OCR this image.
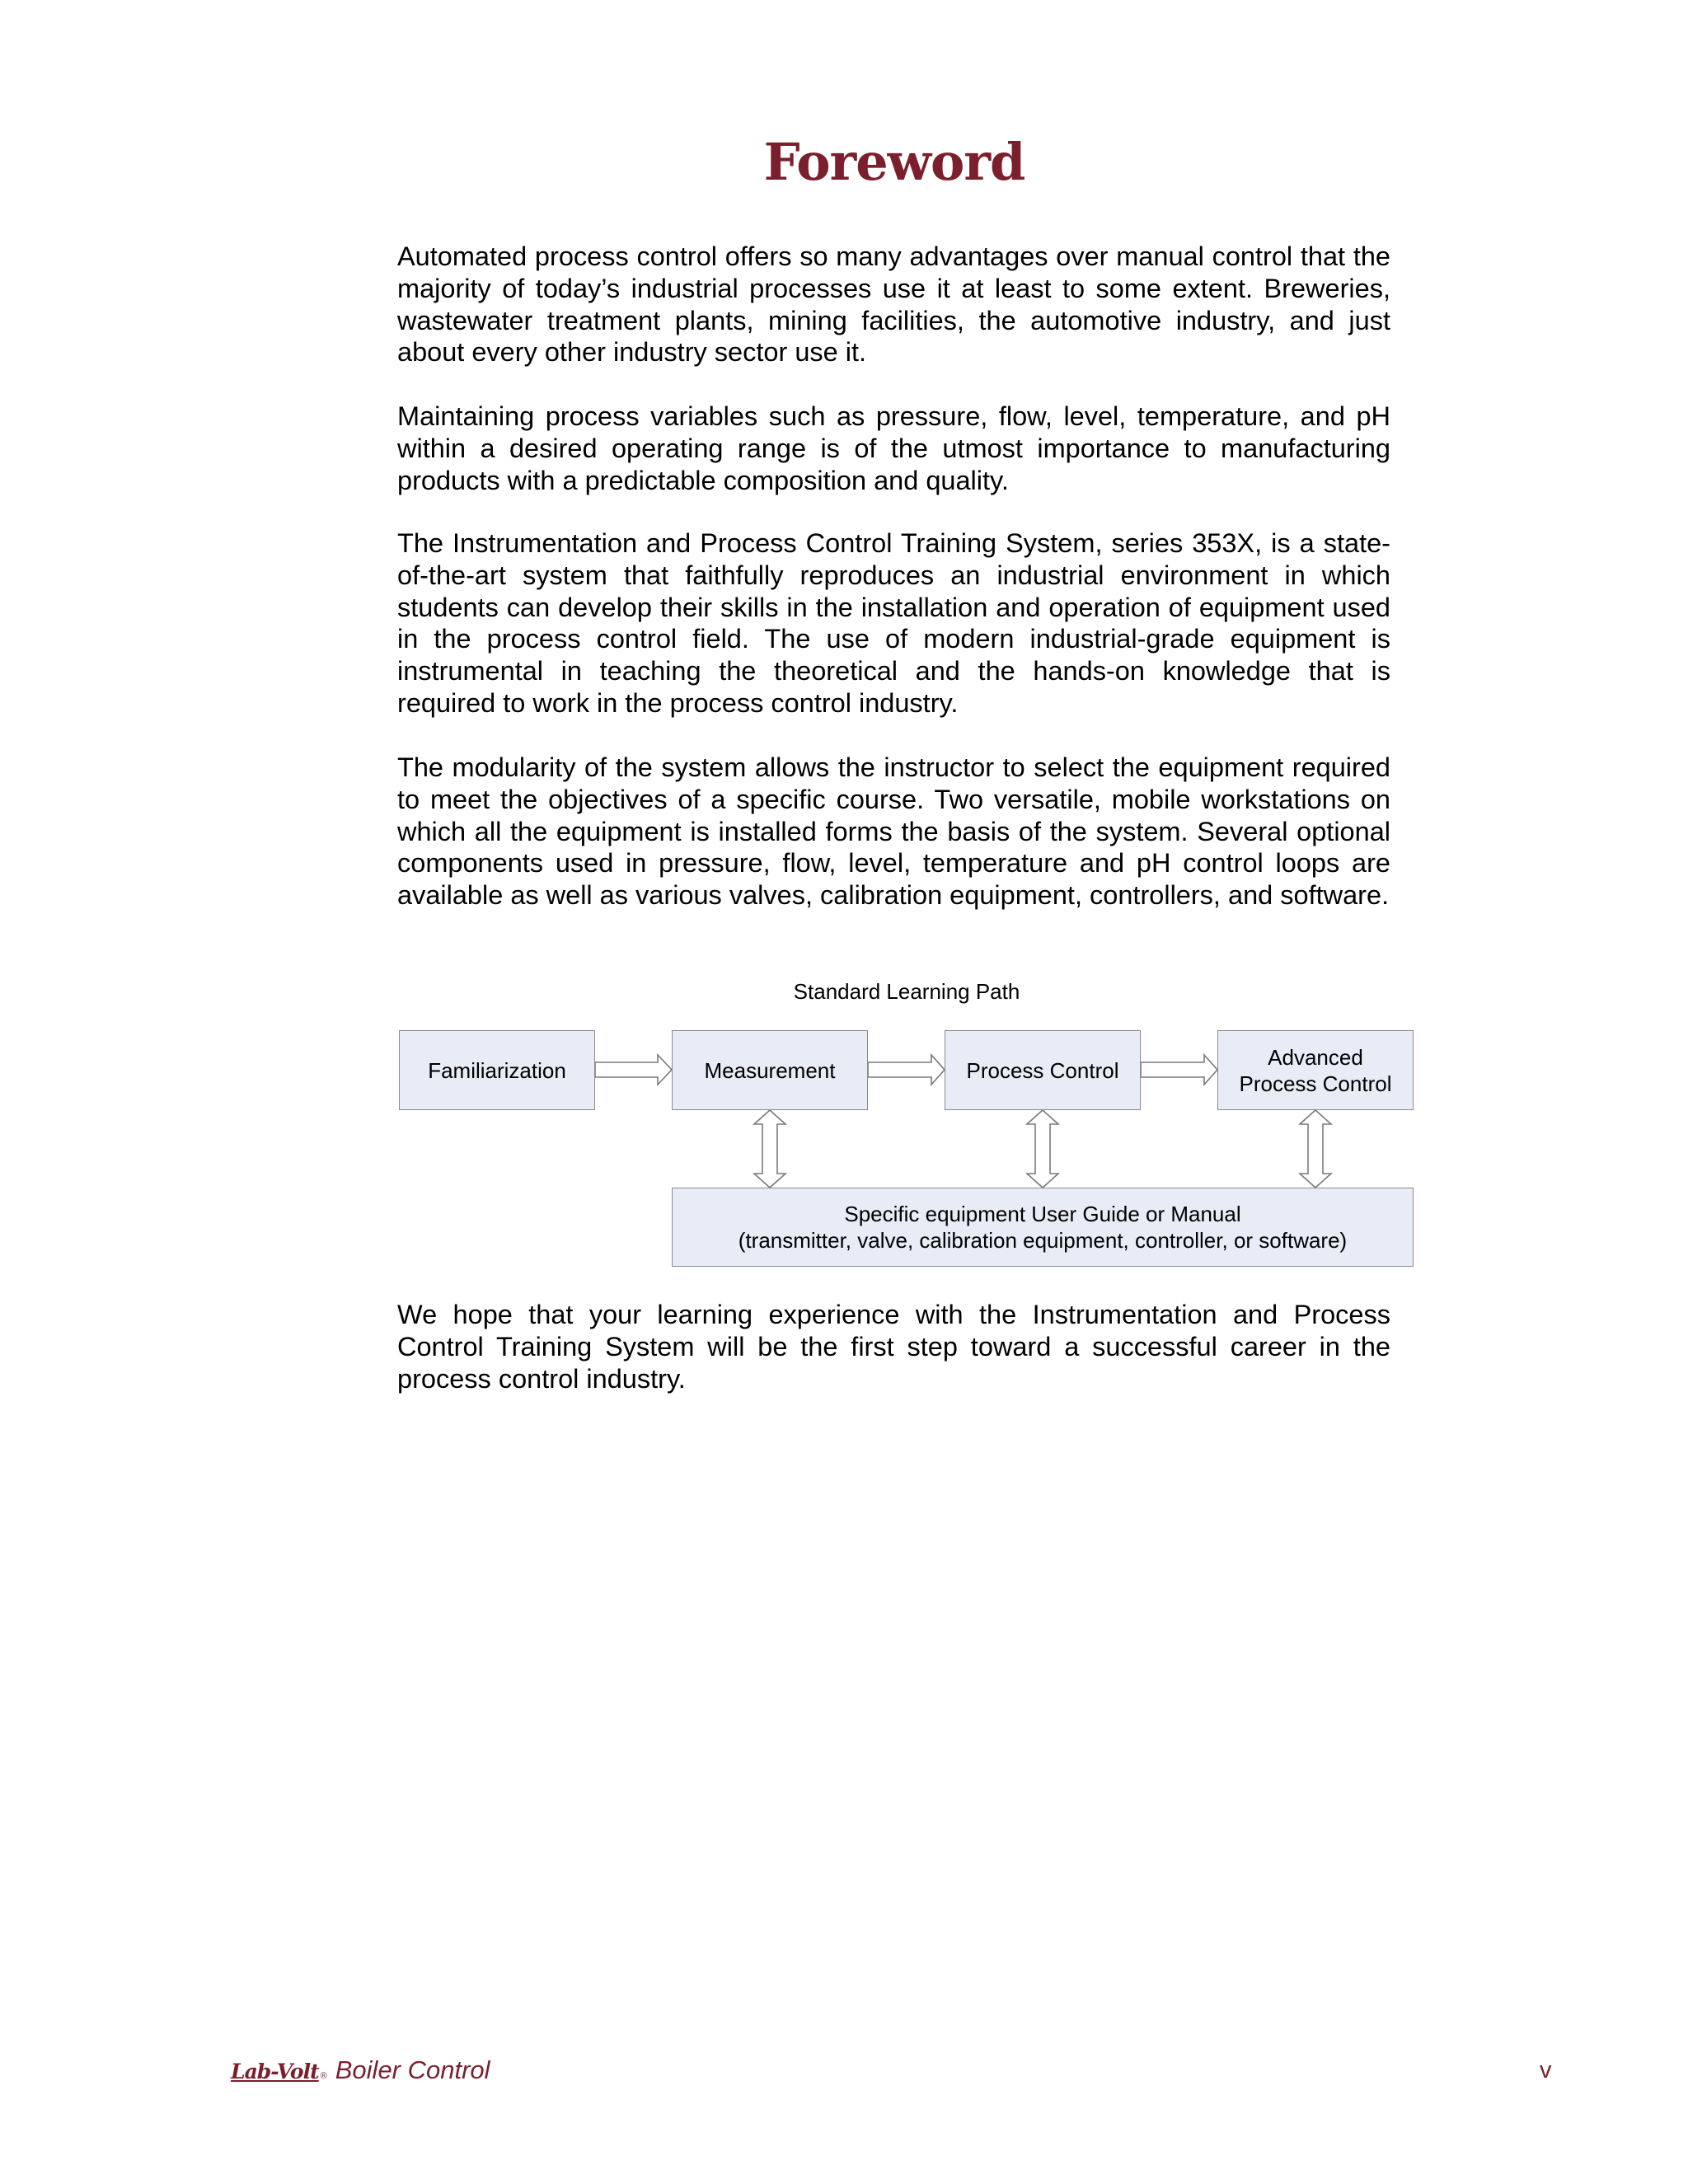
Foreword

Automated process control offers so many advantages over manual control that the majority of today’s industrial processes use it at least to some extent. Breweries, wastewater treatment plants, mining facilities, the automotive industry, and just about every other industry sector use it.

Maintaining process variables such as pressure, flow, level, temperature, and pH within a desired operating range is of the utmost importance to manufacturing products with a predictable composition and quality.

The Instrumentation and Process Control Training System, series 353X, is a state-of-the-art system that faithfully reproduces an industrial environment in which students can develop their skills in the installation and operation of equipment used in the process control field. The use of modern industrial-grade equipment is instrumental in teaching the theoretical and the hands-on knowledge that is required to work in the process control industry.

The modularity of the system allows the instructor to select the equipment required to meet the objectives of a specific course. Two versatile, mobile workstations on which all the equipment is installed forms the basis of the system. Several optional components used in pressure, flow, level, temperature and pH control loops are available as well as various valves, calibration equipment, controllers, and software.

Standard Learning Path
Familiarization	Measurement	Process Control
Advanced
Process Control
Specific equipment User Guide or Manual
(transmitter, valve, calibration equipment, controller, or software)

We hope that your learning experience with the Instrumentation and Process Control Training System will be the first step toward a successful career in the process control industry.

Lab-Volt ® Boiler Control	v
